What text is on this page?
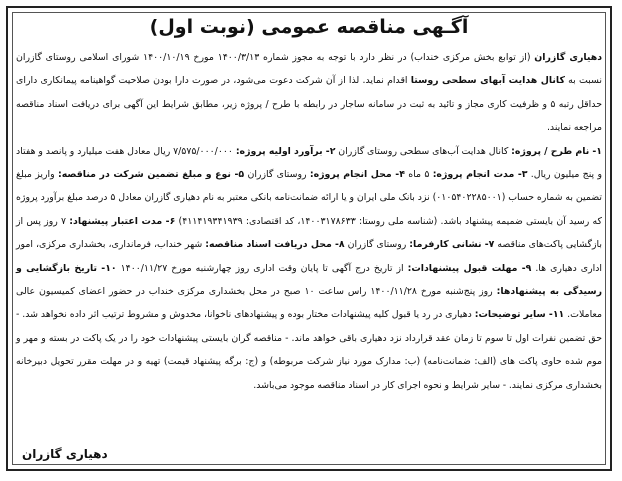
آگـهی مناقصه عمومی (نوبت اول)
دهیاری گازران (از توابع بخش مرکزی خنداب) در نظر دارد با توجه به مجوز شماره ۱۴۰۰/۳/۱۳ مورخ ۱۴۰۰/۱۰/۱۹ شورای اسلامی روستای گازران نسبت به کانال هدایت آبهای سطحی روستا اقدام نماید. لذا از آن شرکت دعوت می‌شود، در صورت دارا بودن صلاحیت گواهینامه پیمانکاری دارای حداقل رتبه ۵ و ظرفیت کاری مجاز و تائید به ثبت در سامانه ساجار در رابطه با طرح / پروژه زیر، مطابق شرایط این آگهی برای دریافت اسناد مناقصه مراجعه نمایند.
۱- نام طرح / پروژه: کانال هدایت آب‌های سطحی روستای گازران ۲- برآورد اولیه پروژه: ۷/۵۷۵/۰۰۰/۰۰۰ ریال معادل هفت میلیارد و پانصد و هفتاد و پنج میلیون ریال. ۳- مدت انجام پروژه: ۵ ماه ۴- محل انجام پروژه: روستای گازران ۵- نوع و مبلغ تضمین شرکت در مناقصه: واریز مبلغ تضمین به شماره حساب (۰۱۰۵۴۰۲۲۸۵۰۰۱) نزد بانک ملی ایران و یا ارائه ضمانت‌نامه بانکی معتبر به نام دهیاری گازران معادل ۵ درصد مبلغ برآورد پروژه که رسید آن بایستی ضمیمه پیشنهاد باشد. (شناسه ملی روستا: ۱۴۰۰۳۱۷۸۶۳۳، کد اقتصادی: ۴۱۱۴۱۹۳۴۱۹۳۹) ۶- مدت اعتبار پیشنهاد: ۷ روز پس از بازگشایی پاکت‌های مناقصه ۷- نشانی کارفرما: روستای گازران ۸- محل دریافت اسناد مناقصه: شهر خنداب، فرمانداری، بخشداری مرکزی، امور اداری دهیاری ها. ۹- مهلت قبول پیشنهادات: از تاریخ درج آگهی تا پایان وقت اداری روز چهارشنبه مورخ ۱۴۰۰/۱۱/۲۷ ۱۰- تاریخ بازگشایی و رسیدگی به پیشنهادها: روز پنج‌شنبه مورخ ۱۴۰۰/۱۱/۲۸ راس ساعت ۱۰ صبح در محل بخشداری مرکزی خنداب در حضور اعضای کمیسیون عالی معاملات. ۱۱- سایر توضیحات: دهیاری در رد یا قبول کلیه پیشنهادات مختار بوده و پیشنهادهای ناخوانا، مخدوش و مشروط ترتیب اثر داده نخواهد شد. - حق تضمین نفرات اول تا سوم تا زمان عقد قرارداد نزد دهیاری باقی خواهد ماند. - مناقصه گران بایستی پیشنهادات خود را در یک پاکت در بسته و مهر و موم شده حاوی پاکت های (الف: ضمانت‌نامه) (ب: مدارک مورد نیاز شرکت مربوطه) و (ج: برگه پیشنهاد قیمت) تهیه و در مهلت مقرر تحویل دبیرخانه بخشداری مرکزی نمایند. - سایر شرایط و نحوه اجرای کار در اسناد مناقصه موجود می‌باشد.
دهیاری گازران
